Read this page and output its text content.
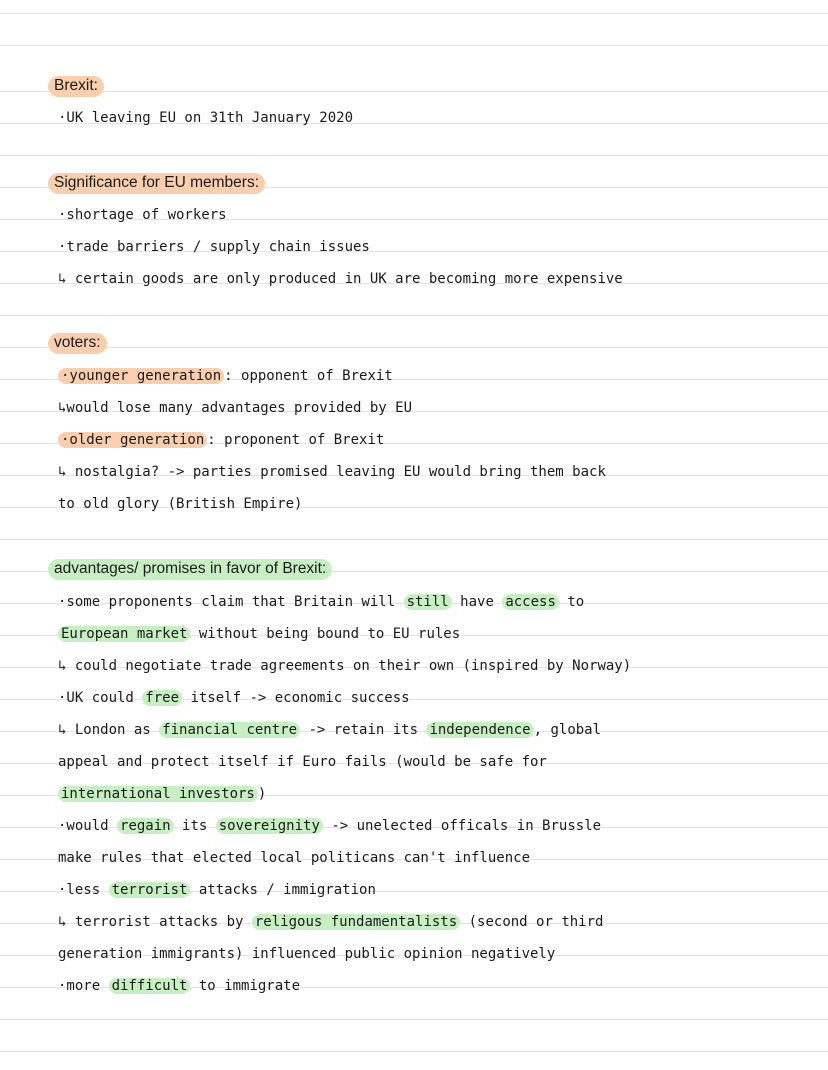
Brexit:
·UK leaving EU on 31th January 2020
Significance for EU members:
·shortage of workers
·trade barriers / supply chain issues
↳ certain goods are only produced in UK are becoming more expensive
voters:
·younger generation : opponent of Brexit
↳would lose many advantages provided by EU
·older generation : proponent of Brexit
↳ nostalgia? -> parties promised leaving EU would bring them back
to old glory (British Empire)
advantages/ promises in favor of Brexit:
·some proponents claim that Britain will still have access to
European market without being bound to EU rules
↳ could negotiate trade agreements on their own (inspired by Norway)
·UK could free itself -> economic success
↳ London as financial centre -> retain its independence , global
appeal and protect itself if Euro fails (would be safe for
international investors )
·would regain its sovereignity -> unelected officals in Brussle
make rules that elected local politicans can't influence
·less terrorist attacks / immigration
↳ terrorist attacks by religous fundamentalists (second or third
generation immigrants) influenced public opinion negatively
·more difficult to immigrate
